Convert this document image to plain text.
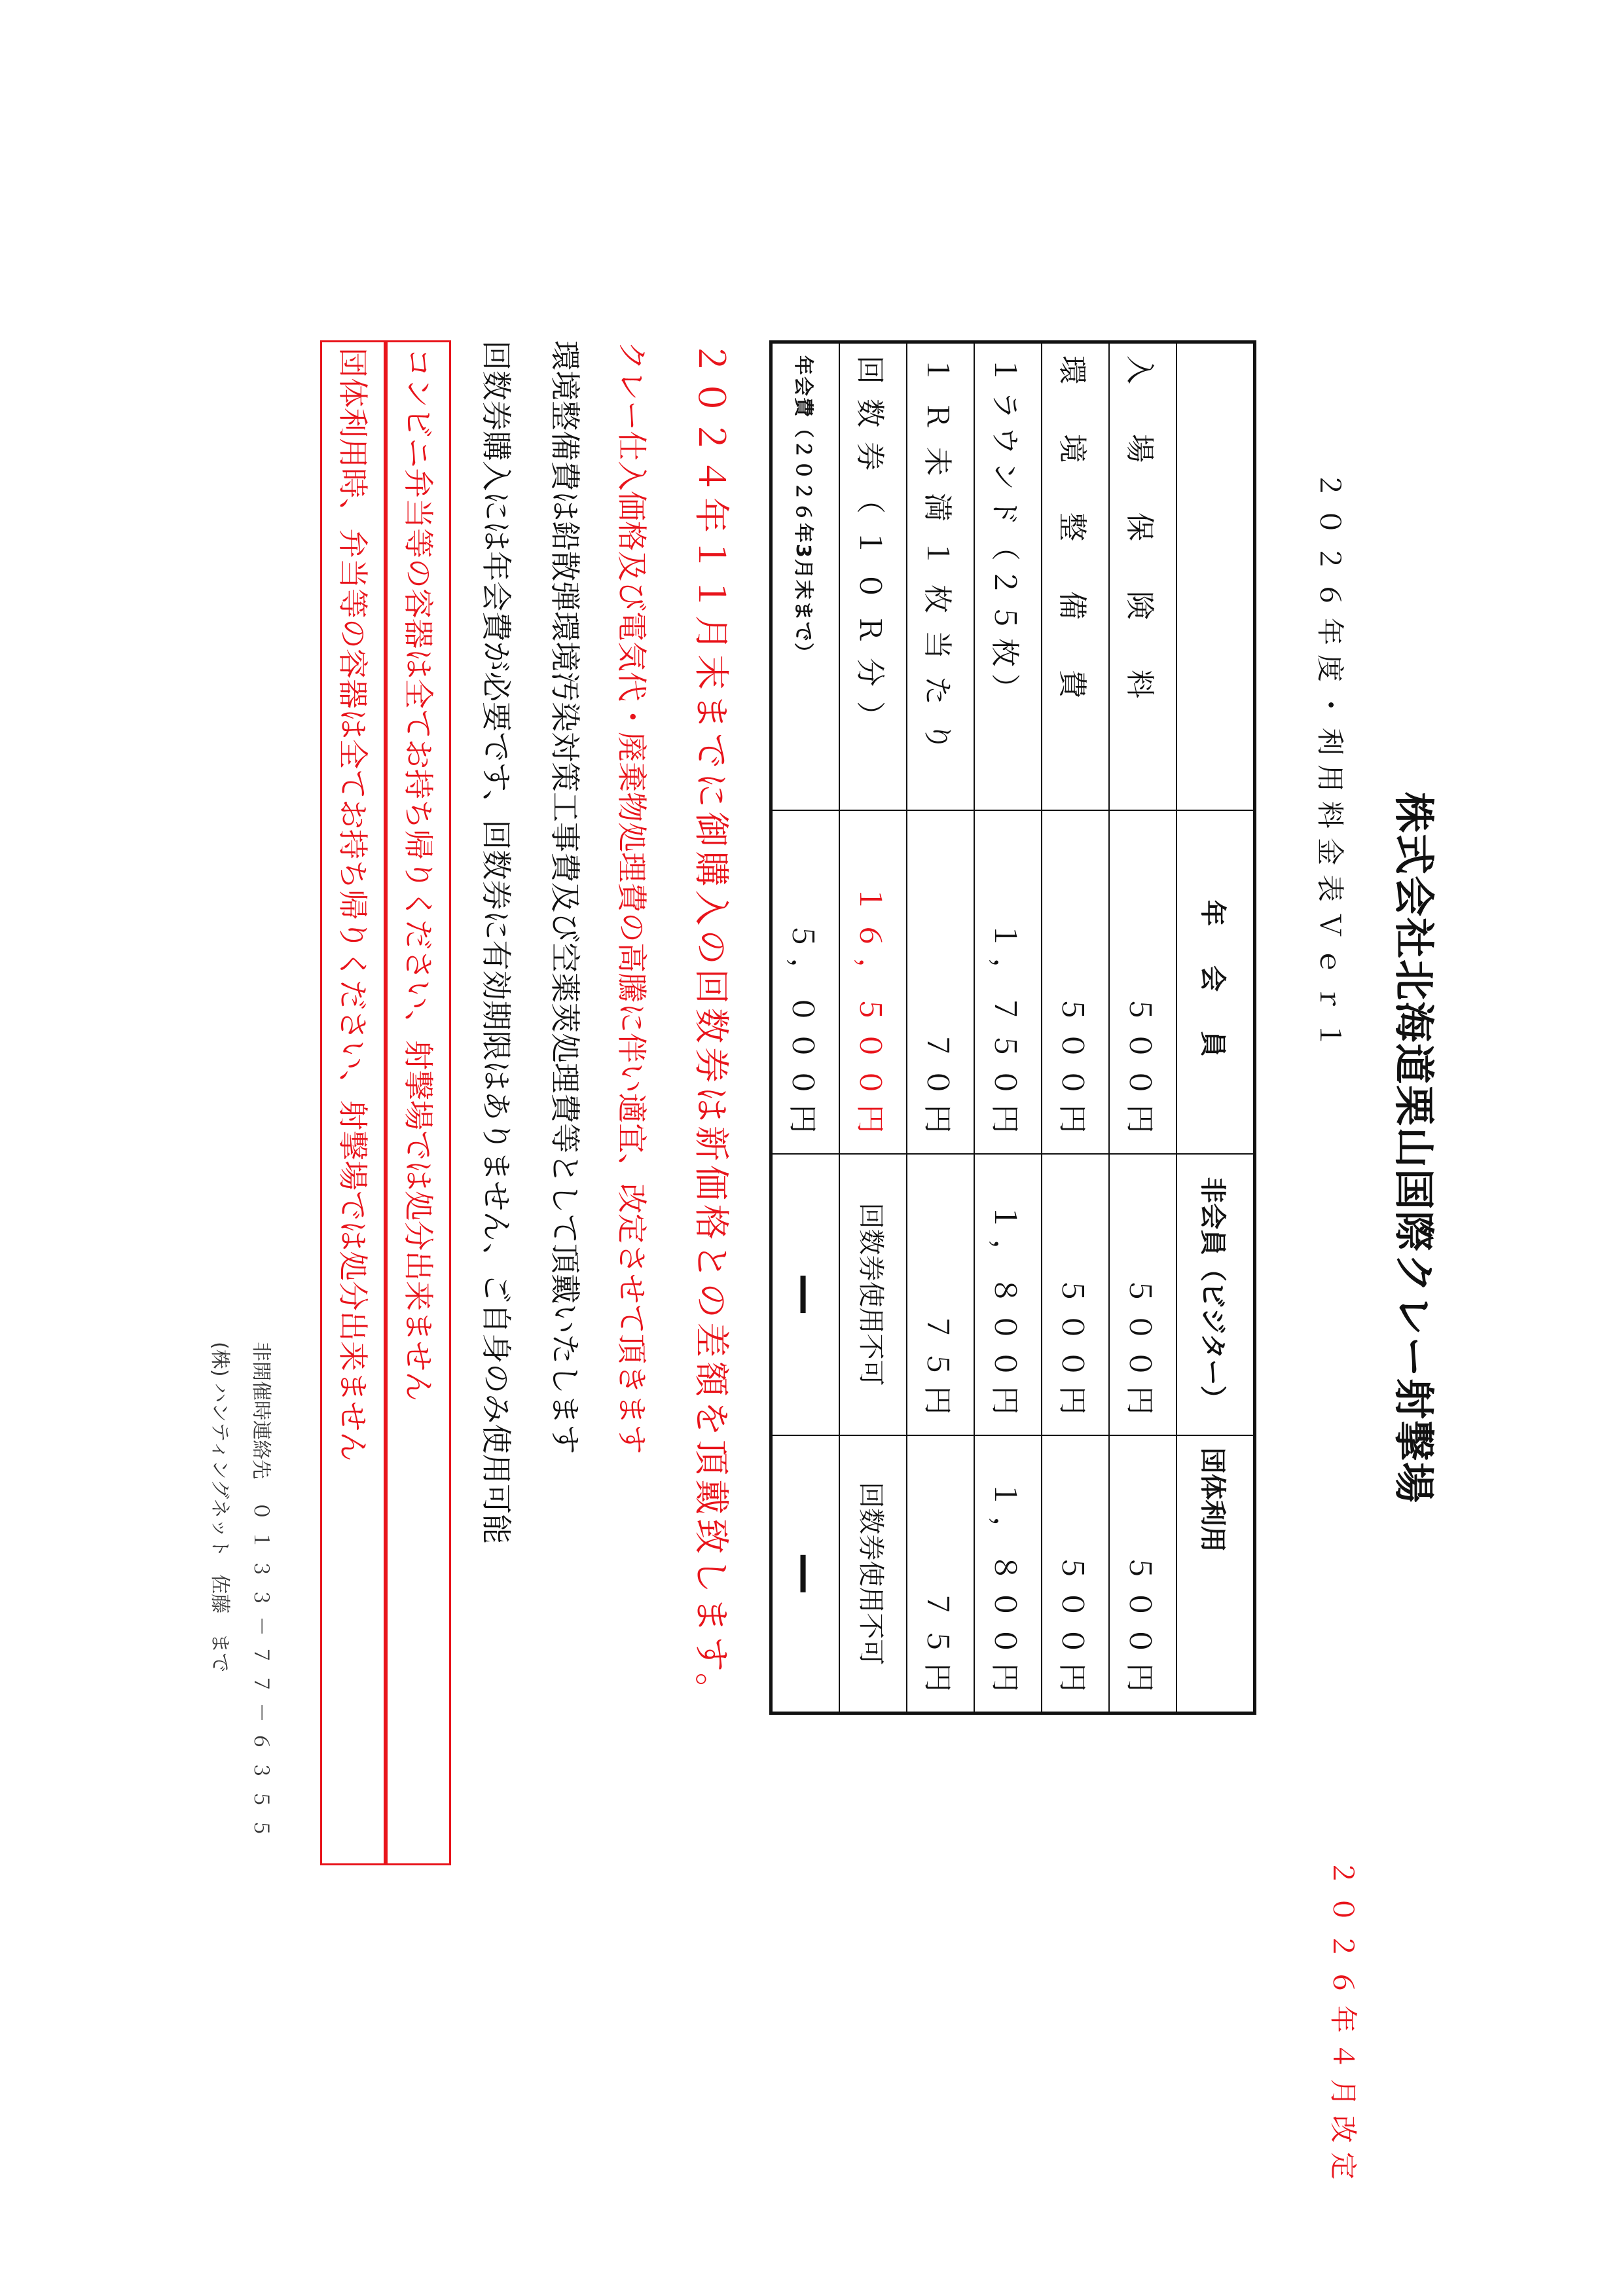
株式会社北海道栗山国際クレー射撃場
２０２６年度・利用料金表Ｖｅｒ１
２０２６年４月改定
	年　会　員	非会員（ビジター）	団体利用
入場保険料	５００円	５００円	５００円
環境整備費	５００円	５００円	５００円
１ラウンド（２５枚）	１，７５０円	１，８００円	１，８００円
１Ｒ未満１枚当たり	７０円	７５円	７５円
回数券（１０Ｒ分）	１６，５００円	回数券使用不可	回数券使用不可
年会費（２０２６年3月末まで）	５，０００円	—	—
２０２４年１１月末までに御購入の回数券は新価格との差額を頂戴致します。
クレー仕入価格及び電気代・廃棄物処理費の高騰に伴い適宜、改定させて頂きます
環境整備費は鉛散弾環境汚染対策工事費及び空薬莢処理費等として頂戴いたします
回数券購入には年会費が必要です、回数券に有効期限はありません、ご自身のみ使用可能
コンビニ弁当等の容器は全てお持ち帰りください、射撃場では処分出来ません
団体利用時、弁当等の容器は全てお持ち帰りください、射撃場では処分出来ません
非開催時連絡先 ０１３３－７７－６３５５
(株) ハンティングネット 佐藤　まで
